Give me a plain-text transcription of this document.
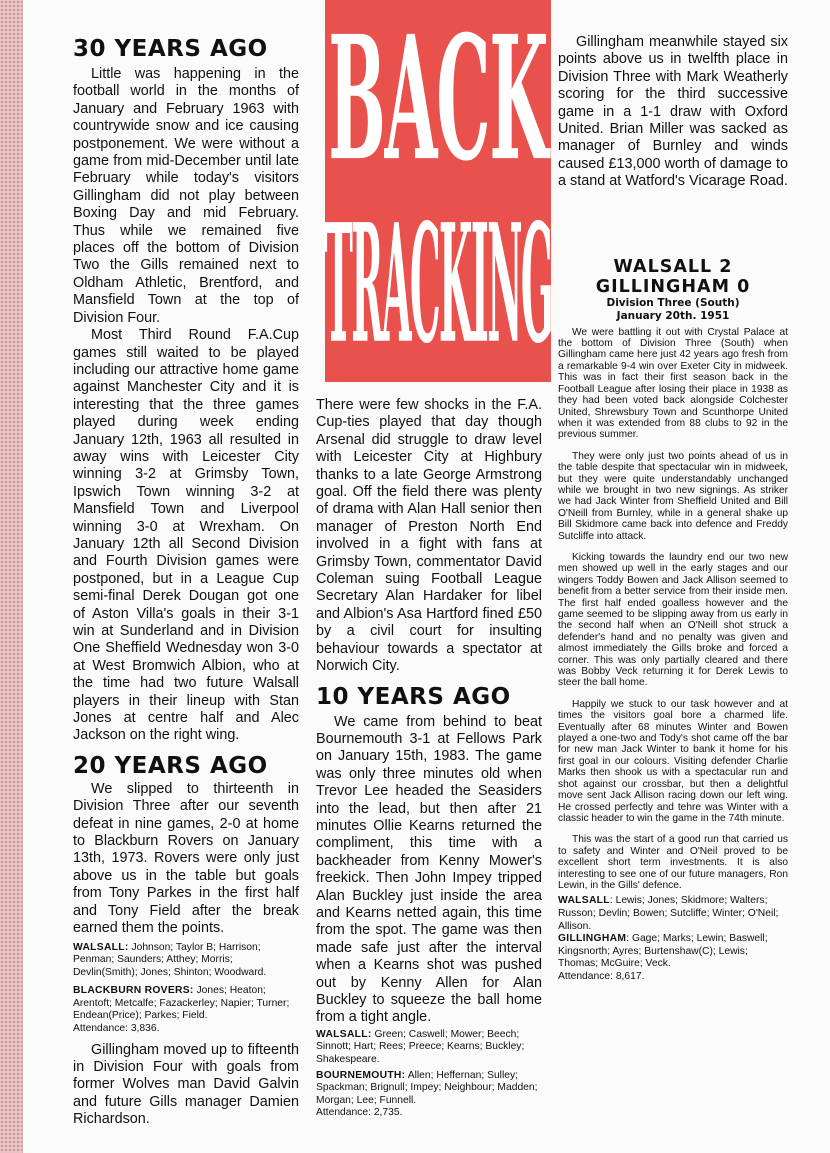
30 YEARS AGO

Little was happening in the football world in the months of January and February 1963 with countrywide snow and ice causing postponement. We were without a game from mid-December until late February while today's visitors Gillingham did not play between Boxing Day and mid February. Thus while we remained five places off the bottom of Division Two the Gills remained next to Oldham Athletic, Brentford, and Mansfield Town at the top of Division Four.

Most Third Round F.A.Cup games still waited to be played including our attractive home game against Manchester City and it is interesting that the three games played during week ending January 12th, 1963 all resulted in away wins with Leicester City winning 3-2 at Grimsby Town, Ipswich Town winning 3-2 at Mansfield Town and Liverpool winning 3-0 at Wrexham. On January 12th all Second Division and Fourth Division games were postponed, but in a League Cup semi-final Derek Dougan got one of Aston Villa's goals in their 3-1 win at Sunderland and in Division One Sheffield Wednesday won 3-0 at West Bromwich Albion, who at the time had two future Walsall players in their lineup with Stan Jones at centre half and Alec Jackson on the right wing.

20 YEARS AGO

We slipped to thirteenth in Division Three after our seventh defeat in nine games, 2-0 at home to Blackburn Rovers on January 13th, 1973. Rovers were only just above us in the table but goals from Tony Parkes in the first half and Tony Field after the break earned them the points.

WALSALL: Johnson; Taylor B; Harrison; Penman; Saunders; Atthey; Morris; Devlin(Smith); Jones; Shinton; Woodward.

BLACKBURN ROVERS: Jones; Heaton; Arentoft; Metcalfe; Fazackerley; Napier; Turner; Endean(Price); Parkes; Field.

Attendance: 3,836.

Gillingham moved up to fifteenth in Division Four with goals from former Wolves man David Galvin and future Gills manager Damien Richardson.

BACK
TRACKING

There were few shocks in the F.A. Cup-ties played that day though Arsenal did struggle to draw level with Leicester City at Highbury thanks to a late George Armstrong goal. Off the field there was plenty of drama with Alan Hall senior then manager of Preston North End involved in a fight with fans at Grimsby Town, commentator David Coleman suing Football League Secretary Alan Hardaker for libel and Albion's Asa Hartford fined £50 by a civil court for insulting behaviour towards a spectator at Norwich City.

10 YEARS AGO

We came from behind to beat Bournemouth 3-1 at Fellows Park on January 15th, 1983. The game was only three minutes old when Trevor Lee headed the Seasiders into the lead, but then after 21 minutes Ollie Kearns returned the compliment, this time with a backheader from Kenny Mower's freekick. Then John Impey tripped Alan Buckley just inside the area and Kearns netted again, this time from the spot. The game was then made safe just after the interval when a Kearns shot was pushed out by Kenny Allen for Alan Buckley to squeeze the ball home from a tight angle.

WALSALL: Green; Caswell; Mower; Beech; Sinnott; Hart; Rees; Preece; Kearns; Buckley; Shakespeare.

BOURNEMOUTH: Allen; Heffernan; Sulley; Spackman; Brignull; Impey; Neighbour; Madden; Morgan; Lee; Funnell.

Attendance: 2,735.

Gillingham meanwhile stayed six points above us in twelfth place in Division Three with Mark Weatherly scoring for the third successive game in a 1-1 draw with Oxford United. Brian Miller was sacked as manager of Burnley and winds caused £13,000 worth of damage to a stand at Watford's Vicarage Road.

WALSALL 2

GILLINGHAM 0

Division Three (South)

January 20th. 1951

We were battling it out with Crystal Palace at the bottom of Division Three (South) when Gillingham came here just 42 years ago fresh from a remarkable 9-4 win over Exeter City in midweek. This was in fact their first season back in the Football League after losing their place in 1938 as they had been voted back alongside Colchester United, Shrewsbury Town and Scunthorpe United when it was extended from 88 clubs to 92 in the previous summer.

They were only just two points ahead of us in the table despite that spectacular win in midweek, but they were quite understandably unchanged while we brought in two new signings. As striker we had Jack Winter from Sheffield United and Bill O'Neill from Burnley, while in a general shake up Bill Skidmore came back into defence and Freddy Sutcliffe into attack.

Kicking towards the laundry end our two new men showed up well in the early stages and our wingers Toddy Bowen and Jack Allison seemed to benefit from a better service from their inside men. The first half ended goalless however and the game seemed to be slipping away from us early in the second half when an O'Neill shot struck a defender's hand and no penalty was given and almost immediately the Gills broke and forced a corner. This was only partially cleared and there was Bobby Veck returning it for Derek Lewis to steer the ball home.

Happily we stuck to our task however and at times the visitors goal bore a charmed life. Eventually after 68 minutes Winter and Bowen played a one-two and Tody's shot came off the bar for new man Jack Winter to bank it home for his first goal in our colours. Visiting defender Charlie Marks then shook us with a spectacular run and shot against our crossbar, but then a delightful move sent Jack Allison racing down our left wing. He crossed perfectly and tehre was Winter with a classic header to win the game in the 74th minute.

This was the start of a good run that carried us to safety and Winter and O'Neil proved to be excellent short term investments. It is also interesting to see one of our future managers, Ron Lewin, in the Gills' defence.

WALSALL: Lewis; Jones; Skidmore; Walters; Russon; Devlin; Bowen; Sutcliffe; Winter; O'Neil; Allison.

GILLINGHAM: Gage; Marks; Lewin; Baswell; Kingsnorth; Ayres; Burtenshaw(C); Lewis; Thomas; McGuire; Veck.

Attendance: 8,617.
